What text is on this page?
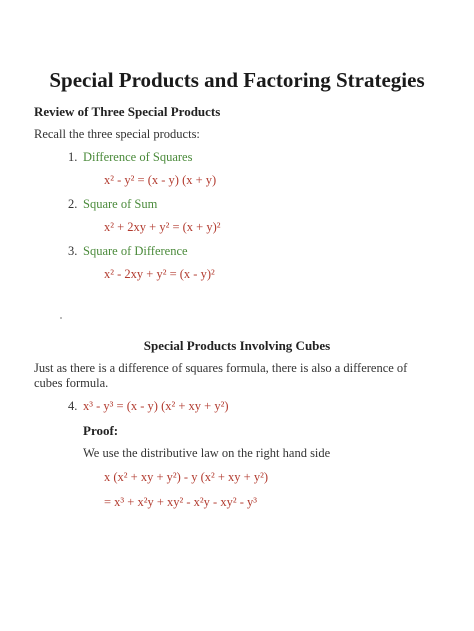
Special Products and Factoring Strategies
Review of Three Special Products
Recall the three special products:
1. Difference of Squares
x² - y² = (x - y) (x + y)
2. Square of Sum
x² + 2xy + y² = (x + y)²
3. Square of Difference
x² - 2xy + y² = (x - y)²
Special Products Involving Cubes
Just as there is a difference of squares formula, there is also a difference of cubes formula.
4. x³ - y³ = (x - y) (x² + xy + y²)
Proof:
We use the distributive law on the right hand side
x (x² + xy + y²) - y (x² + xy + y²)
= x³ + x²y + xy² - x²y - xy² - y³
